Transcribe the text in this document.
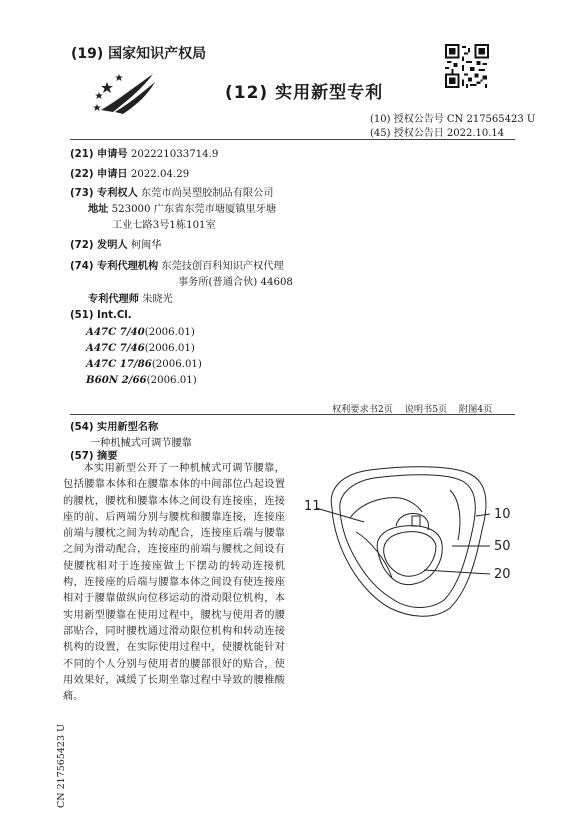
(19) 国家知识产权局
(12) 实用新型专利
(10) 授权公告号 CN 217565423 U
(45) 授权公告日 2022.10.14
(21) 申请号 202221033714.9
(22) 申请日 2022.04.29
(73) 专利权人 东莞市尚昊塑胶制品有限公司
地址 523000 广东省东莞市塘厦镇里牙塘
工业七路3号1栋101室
(72) 发明人 柯闽华
(74) 专利代理机构 东莞技创百科知识产权代理
事务所(普通合伙) 44608
专利代理师 朱晓光
(51) Int.Cl.
A47C 7/40(2006.01)
A47C 7/46(2006.01)
A47C 17/86(2006.01)
B60N 2/66(2006.01)
权利要求书2页    说明书5页    附图4页
(54) 实用新型名称
一种机械式可调节腰靠
(57) 摘要

本实用新型公开了一种机械式可调节腰靠，包括腰靠本体和在腰靠本体的中间部位凸起设置的腰枕，腰枕和腰靠本体之间设有连接座，连接座的前、后两端分别与腰枕和腰靠连接，连接座前端与腰枕之间为转动配合，连接座后端与腰靠之间为滑动配合，连接座的前端与腰枕之间设有使腰枕相对于连接座做上下摆动的转动连接机构，连接座的后端与腰靠本体之间设有使连接座相对于腰靠做纵向位移运动的滑动限位机构，本实用新型腰靠在使用过程中，腰枕与使用者的腰部贴合，同时腰枕通过滑动限位机构和转动连接机构的设置，在实际使用过程中，使腰枕能针对不同的个人分别与使用者的腰部很好的贴合，使用效果好，减缓了长期坐靠过程中导致的腰椎酸痛。

11
10
50
20
CN 217565423 U
